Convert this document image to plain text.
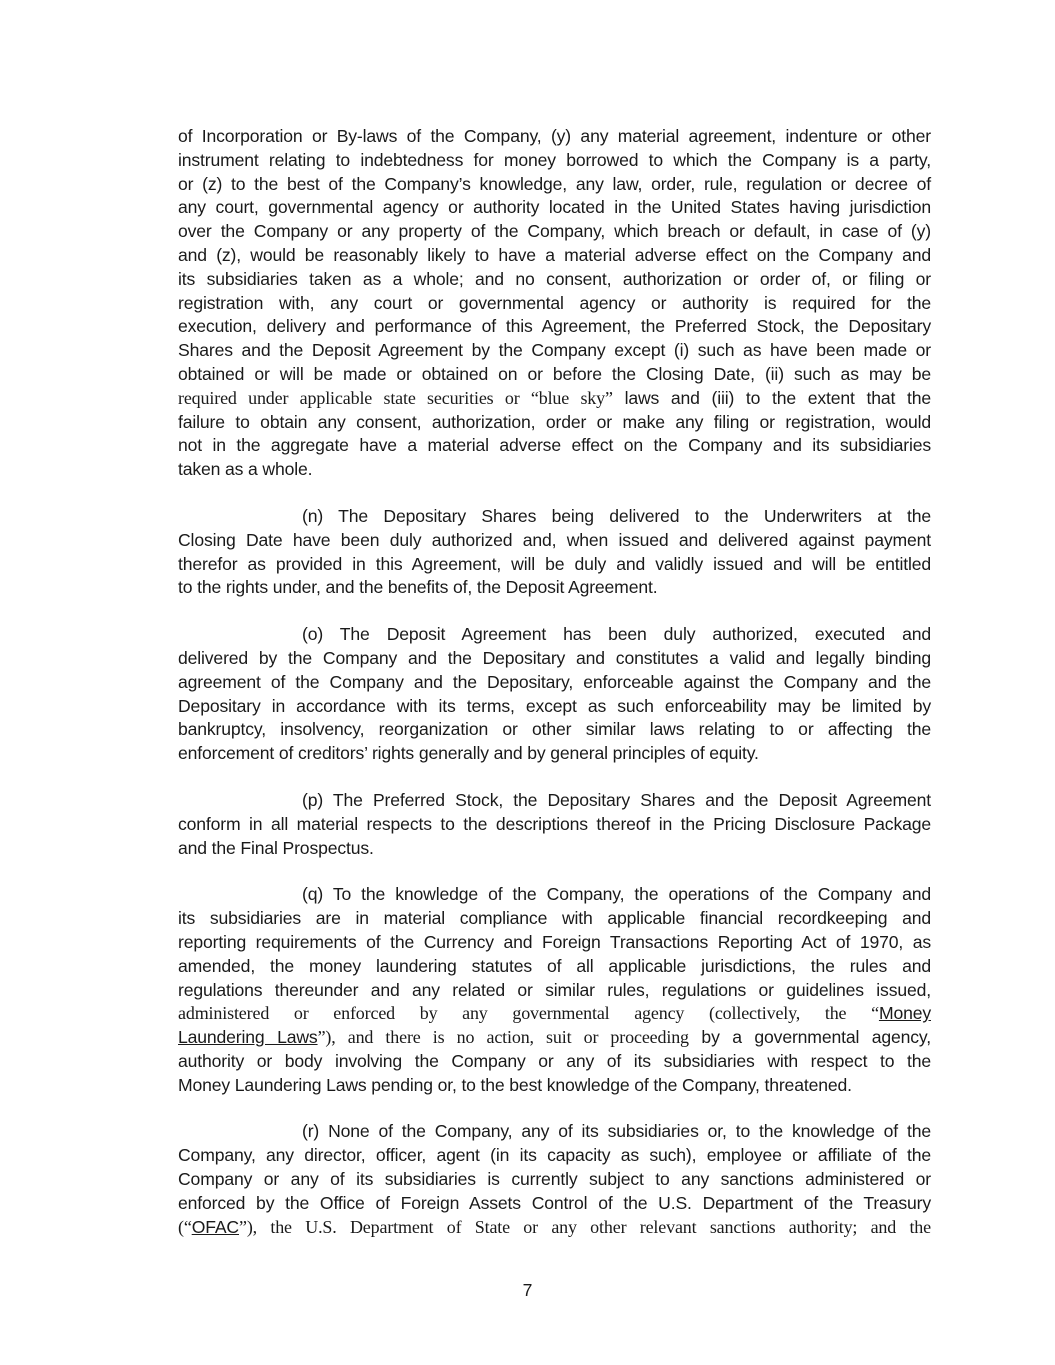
of Incorporation or By-laws of the Company, (y) any material agreement, indenture or other
instrument relating to indebtedness for money borrowed to which the Company is a party,
or (z) to the best of the Company’s knowledge, any law, order, rule, regulation or decree of
any court, governmental agency or authority located in the United States having jurisdiction
over the Company or any property of the Company, which breach or default, in case of (y)
and (z), would be reasonably likely to have a material adverse effect on the Company and
its subsidiaries taken as a whole; and no consent, authorization or order of, or filing or
registration with, any court or governmental agency or authority is required for the
execution, delivery and performance of this Agreement, the Preferred Stock, the Depositary
Shares and the Deposit Agreement by the Company except (i) such as have been made or
obtained or will be made or obtained on or before the Closing Date, (ii) such as may be
required under applicable state securities or “blue sky” laws and (iii) to the extent that the
failure to obtain any consent, authorization, order or make any filing or registration, would
not in the aggregate have a material adverse effect on the Company and its subsidiaries
taken as a whole.

(n) The Depositary Shares being delivered to the Underwriters at the
Closing Date have been duly authorized and, when issued and delivered against payment
therefor as provided in this Agreement, will be duly and validly issued and will be entitled
to the rights under, and the benefits of, the Deposit Agreement.

(o) The Deposit Agreement has been duly authorized, executed and
delivered by the Company and the Depositary and constitutes a valid and legally binding
agreement of the Company and the Depositary, enforceable against the Company and the
Depositary in accordance with its terms, except as such enforceability may be limited by
bankruptcy, insolvency, reorganization or other similar laws relating to or affecting the
enforcement of creditors’ rights generally and by general principles of equity.

(p) The Preferred Stock, the Depositary Shares and the Deposit Agreement
conform in all material respects to the descriptions thereof in the Pricing Disclosure Package
and the Final Prospectus.

(q) To the knowledge of the Company, the operations of the Company and
its subsidiaries are in material compliance with applicable financial recordkeeping and
reporting requirements of the Currency and Foreign Transactions Reporting Act of 1970, as
amended, the money laundering statutes of all applicable jurisdictions, the rules and
regulations thereunder and any related or similar rules, regulations or guidelines issued,
administered or enforced by any governmental agency (collectively, the “Money
Laundering Laws”), and there is no action, suit or proceeding by a governmental agency,
authority or body involving the Company or any of its subsidiaries with respect to the
Money Laundering Laws pending or, to the best knowledge of the Company, threatened.

(r) None of the Company, any of its subsidiaries or, to the knowledge of the
Company, any director, officer, agent (in its capacity as such), employee or affiliate of the
Company or any of its subsidiaries is currently subject to any sanctions administered or
enforced by the Office of Foreign Assets Control of the U.S. Department of the Treasury
(“OFAC”), the U.S. Department of State or any other relevant sanctions authority; and the

7
